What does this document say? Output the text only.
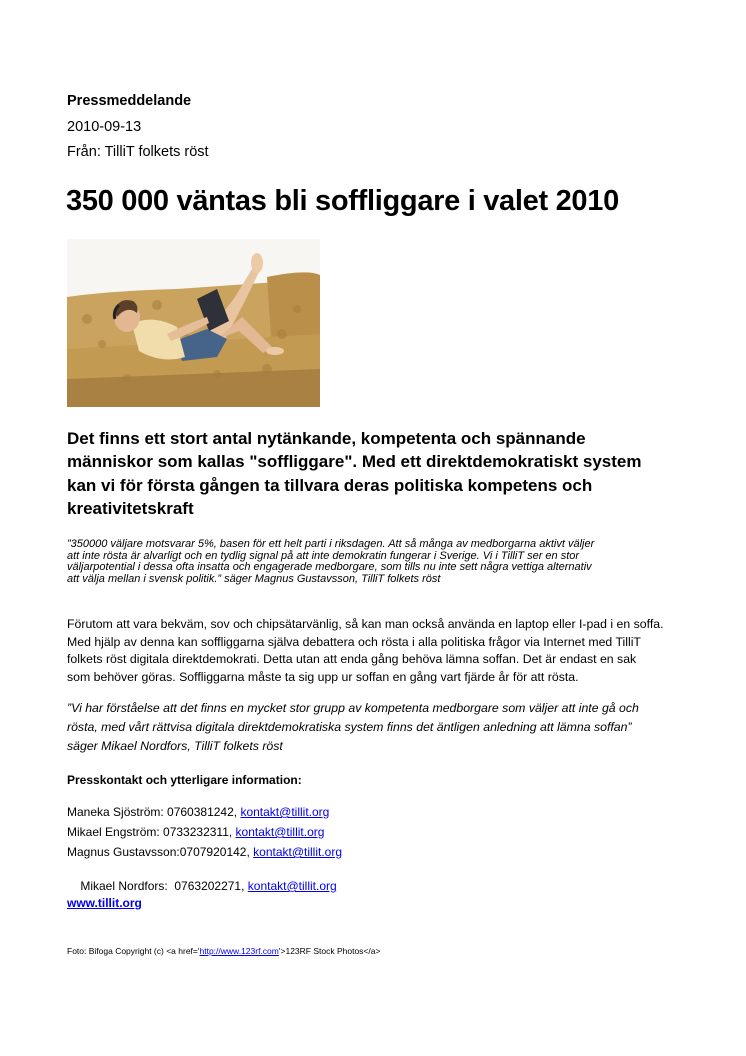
Pressmeddelande
2010-09-13
Från: TilliT folkets röst
350 000 väntas bli soffliggare i valet 2010
Det finns ett stort antal nytänkande, kompetenta och spännande
människor som kallas "soffliggare". Med ett direktdemokratiskt system
kan vi för första gången ta tillvara deras politiska kompetens och
kreativitetskraft
”350000 väljare motsvarar 5%, basen för ett helt parti i riksdagen. Att så många av medborgarna aktivt väljer
att inte rösta är alvarligt och en tydlig signal på att inte demokratin fungerar i Sverige. Vi i TilliT ser en stor
väljarpotential i dessa ofta insatta och engagerade medborgare, som tills nu inte sett några vettiga alternativ
att välja mellan i svensk politik.” säger Magnus Gustavsson, TilliT folkets röst
Förutom att vara bekväm, sov och chipsätarvänlig, så kan man också använda en laptop eller I-pad i en soffa.
Med hjälp av denna kan soffliggarna själva debattera och rösta i alla politiska frågor via Internet med TilliT
folkets röst digitala direktdemokrati. Detta utan att enda gång behöva lämna soffan. Det är endast en sak
som behöver göras. Soffliggarna måste ta sig upp ur soffan en gång vart fjärde år för att rösta.
”Vi har förståelse att det finns en mycket stor grupp av kompetenta medborgare som väljer att inte gå och
rösta, med vårt rättvisa digitala direktdemokratiska system finns det äntligen anledning att lämna soffan”
säger Mikael Nordfors, TilliT folkets röst
Presskontakt och ytterligare information:
Maneka Sjöström: 0760381242, kontakt@tillit.org
Mikael Engström: 0733232311, kontakt@tillit.org
Magnus Gustavsson:0707920142, kontakt@tillit.org

Mikael Nordfors:  0763202271, kontakt@tillit.org

www.tillit.org
Foto: Bifoga Copyright (c) <a href='http://www.123rf.com'>123RF Stock Photos</a>
